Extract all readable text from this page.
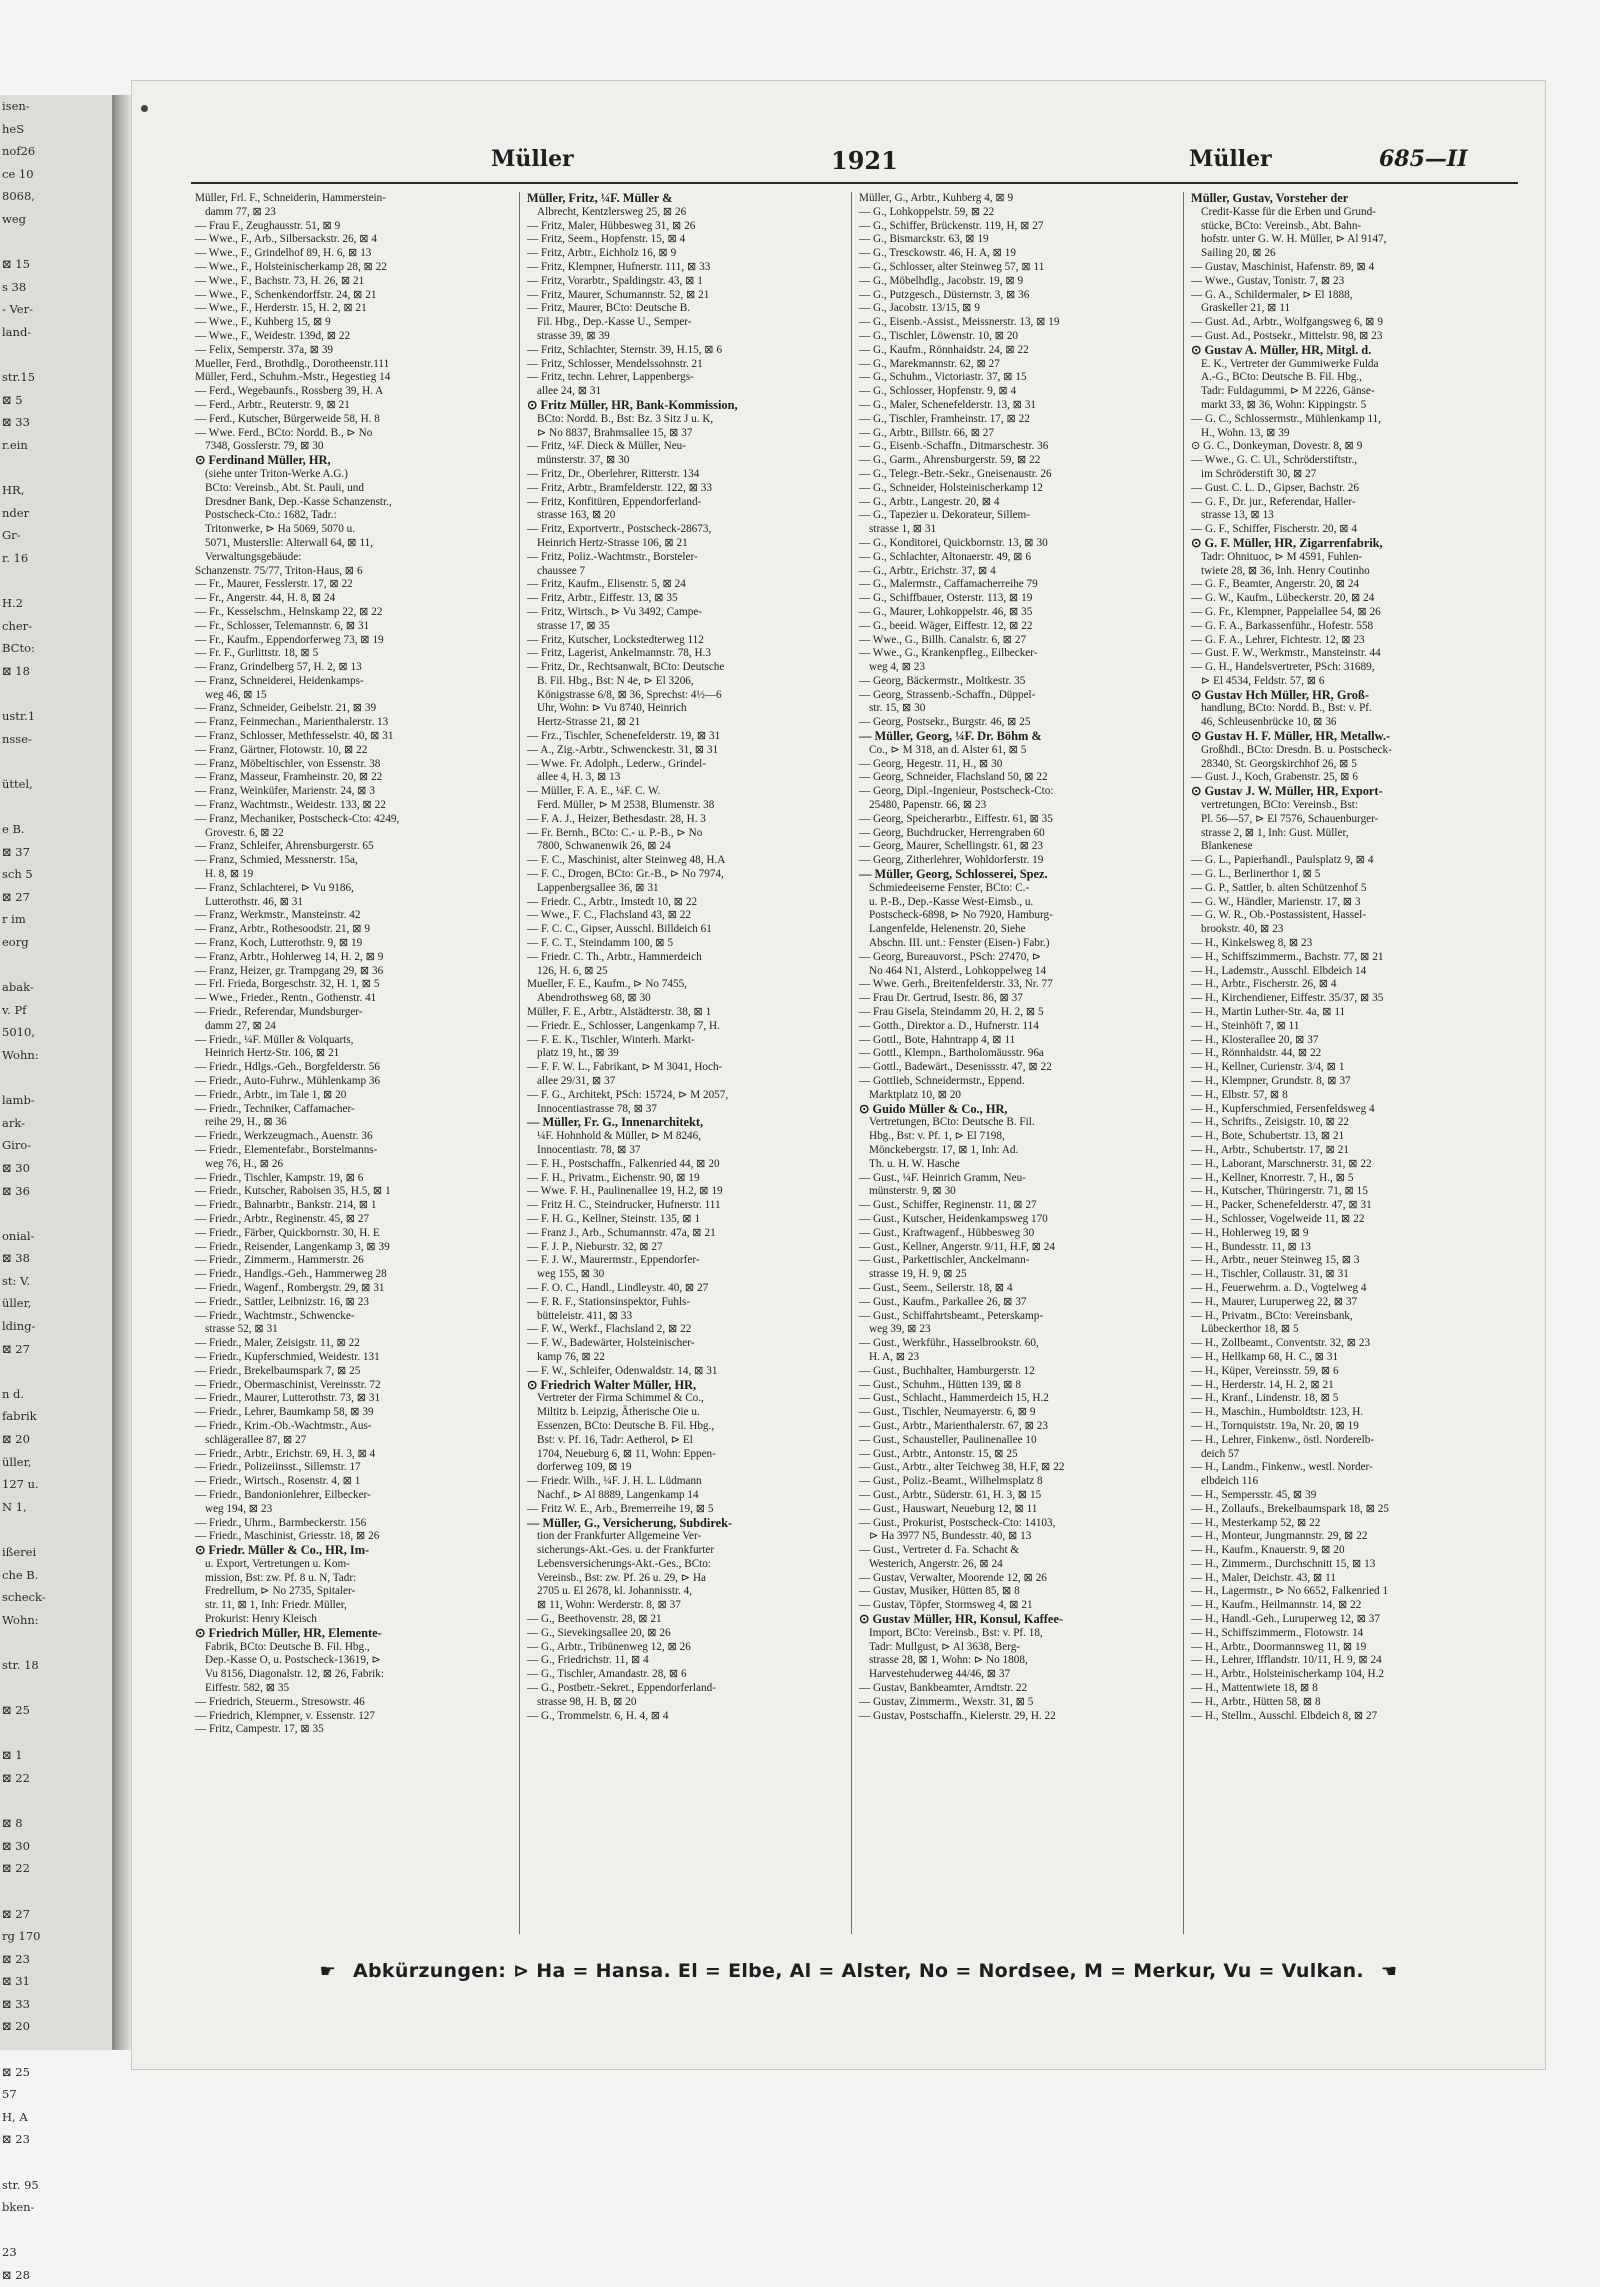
isen-
heS
nof26
ce 10
8068,
weg

⊠ 15
s 38
- Ver-
land-

str.15
⊠ 5
⊠ 33
r.ein

HR,
nder
Gr-
r. 16

H.2
cher-
BCto:
⊠ 18

ustr.1
nsse-

üttel,

e B.
⊠ 37
sch 5
⊠ 27
r im
eorg

abak-
v. Pf
5010,
Wohn:

lamb-
ark-
Giro-
⊠ 30
⊠ 36

onial-
⊠ 38
st: V.
üller,
lding-
⊠ 27

n d.
fabrik
⊠ 20
üller,
127 u.
N 1,

ißerei
che B.
scheck-
Wohn:

str. 18

⊠ 25

⊠ 1
⊠ 22

⊠ 8
⊠ 30
⊠ 22

⊠ 27
rg 170
⊠ 23
⊠ 31
⊠ 33
⊠ 20

⊠ 25
57
H, A
⊠ 23

str. 95
bken-

23
⊠ 28
Müller	1921	Müller	685—II
Müller, Frl. F., Schneiderin, Hammerstein-
damm 77, ⊠ 23
— Frau F., Zeughausstr. 51, ⊠ 9
— Wwe., F., Arb., Silbersackstr. 26, ⊠ 4
— Wwe., F., Grindelhof 89, H. 6, ⊠ 13
— Wwe., F., Holsteinischerkamp 28, ⊠ 22
— Wwe., F., Bachstr. 73, H. 26, ⊠ 21
— Wwe., F., Schenkendorffstr. 24, ⊠ 21
— Wwe., F., Herderstr. 15, H. 2, ⊠ 21
— Wwe., F., Kuhberg 15, ⊠ 9
— Wwe., F., Weidestr. 139d, ⊠ 22
— Felix, Semperstr. 37a, ⊠ 39
Mueller, Ferd., Brothdlg., Dorotheenstr.111
Müller, Ferd., Schuhm.-Mstr., Hegestieg 14
— Ferd., Wegebaunfs., Rossberg 39, H. A
— Ferd., Arbtr., Reuterstr. 9, ⊠ 21
— Ferd., Kutscher, Bürgerweide 58, H. 8
— Wwe. Ferd., BCto: Nordd. B., ⊳ No
7348, Gosslerstr. 79, ⊠ 30
⊙ Ferdinand Müller, HR,
(siehe unter Triton-Werke A.G.)
BCto: Vereinsb., Abt. St. Pauli, und
Dresdner Bank, Dep.-Kasse Schanzenstr.,
Postscheck-Cto.: 1682, Tadr.:
Tritonwerke, ⊳ Ha 5069, 5070 u.
5071, Musterslle: Alterwall 64, ⊠ 11,
Verwaltungsgebäude:
Schanzenstr. 75/77, Triton-Haus, ⊠ 6
— Fr., Maurer, Fesslerstr. 17, ⊠ 22
— Fr., Angerstr. 44, H. 8, ⊠ 24
— Fr., Kesselschm., Helnskamp 22, ⊠ 22
— Fr., Schlosser, Telemannstr. 6, ⊠ 31
— Fr., Kaufm., Eppendorferweg 73, ⊠ 19
— Fr. F., Gurlittstr. 18, ⊠ 5
— Franz, Grindelberg 57, H. 2, ⊠ 13
— Franz, Schneiderei, Heidenkamps-
weg 46, ⊠ 15
— Franz, Schneider, Geibelstr. 21, ⊠ 39
— Franz, Feinmechan., Marienthalerstr. 13
— Franz, Schlosser, Methfesselstr. 40, ⊠ 31
— Franz, Gärtner, Flotowstr. 10, ⊠ 22
— Franz, Möbeltischler, von Essenstr. 38
— Franz, Masseur, Framheinstr. 20, ⊠ 22
— Franz, Weinküfer, Marienstr. 24, ⊠ 3
— Franz, Wachtmstr., Weidestr. 133, ⊠ 22
— Franz, Mechaniker, Postscheck-Cto: 4249,
Grovestr. 6, ⊠ 22
— Franz, Schleifer, Ahrensburgerstr. 65
— Franz, Schmied, Messnerstr. 15a,
H. 8, ⊠ 19
— Franz, Schlachterei, ⊳ Vu 9186,
Lutterothstr. 46, ⊠ 31
— Franz, Werkmstr., Mansteinstr. 42
— Franz, Arbtr., Rothesoodstr. 21, ⊠ 9
— Franz, Koch, Lutterothstr. 9, ⊠ 19
— Franz, Arbtr., Hohlerweg 14, H. 2, ⊠ 9
— Franz, Heizer, gr. Trampgang 29, ⊠ 36
— Frl. Frieda, Borgeschstr. 32, H. 1, ⊠ 5
— Wwe., Frieder., Rentn., Gothenstr. 41
— Friedr., Referendar, Mundsburger-
damm 27, ⊠ 24
— Friedr., ¼F. Müller & Volquarts,
Heinrich Hertz-Str. 106, ⊠ 21
— Friedr., Hdlgs.-Geh., Borgfelderstr. 56
— Friedr., Auto-Fuhrw., Mühlenkamp 36
— Friedr., Arbtr., im Tale 1, ⊠ 20
— Friedr., Techniker, Caffamacher-
reihe 29, H., ⊠ 36
— Friedr., Werkzeugmach., Auenstr. 36
— Friedr., Elementefabr., Borstelmanns-
weg 76, H., ⊠ 26
— Friedr., Tischler, Kampstr. 19, ⊠ 6
— Friedr., Kutscher, Raboisen 35, H.5, ⊠ 1
— Friedr., Bahnarbtr., Bankstr. 214, ⊠ 1
— Friedr., Arbtr., Reginenstr. 45, ⊠ 27
— Friedr., Färber, Quickbornstr. 30, H. E
— Friedr., Reisender, Langenkamp 3, ⊠ 39
— Friedr., Zimmerm., Hammerstr. 26
— Friedr., Handlgs.-Geh., Hammerweg 28
— Friedr., Wagenf., Rombergstr. 29, ⊠ 31
— Friedr., Sattler, Leibnizstr. 16, ⊠ 23
— Friedr., Wachtmstr., Schwencke-
strasse 52, ⊠ 31
— Friedr., Maler, Zeisigstr. 11, ⊠ 22
— Friedr., Kupferschmied, Weidestr. 131
— Friedr., Brekelbaumspark 7, ⊠ 25
— Friedr., Obermaschinist, Vereinsstr. 72
— Friedr., Maurer, Lutterothstr. 73, ⊠ 31
— Friedr., Lehrer, Baumkamp 58, ⊠ 39
— Friedr., Krim.-Ob.-Wachtmstr., Aus-
schlägerallee 87, ⊠ 27
— Friedr., Arbtr., Erichstr. 69, H. 3, ⊠ 4
— Friedr., Polizeiinsst., Sillemstr. 17
— Friedr., Wirtsch., Rosenstr. 4, ⊠ 1
— Friedr., Bandonionlehrer, Eilbecker-
weg 194, ⊠ 23
— Friedr., Uhrm., Barmbeckerstr. 156
— Friedr., Maschinist, Griesstr. 18, ⊠ 26
⊙ Friedr. Müller & Co., HR, Im-
u. Export, Vertretungen u. Kom-
mission, Bst: zw. Pf. 8 u. N, Tadr:
Fredrellum, ⊳ No 2735, Spitaler-
str. 11, ⊠ 1, Inh: Friedr. Müller,
Prokurist: Henry Kleisch
⊙ Friedrich Müller, HR, Elemente-
Fabrik, BCto: Deutsche B. Fil. Hbg.,
Dep.-Kasse O, u. Postscheck-13619, ⊳
Vu 8156, Diagonalstr. 12, ⊠ 26, Fabrik:
Eiffestr. 582, ⊠ 35
— Friedrich, Steuerm., Stresowstr. 46
— Friedrich, Klempner, v. Essenstr. 127
— Fritz, Campestr. 17, ⊠ 35
Müller, Fritz, ¼F. Müller &
Albrecht, Kentzlersweg 25, ⊠ 26
— Fritz, Maler, Hübbesweg 31, ⊠ 26
— Fritz, Seem., Hopfenstr. 15, ⊠ 4
— Fritz, Arbtr., Eichholz 16, ⊠ 9
— Fritz, Klempner, Hufnerstr. 111, ⊠ 33
— Fritz, Vorarbtr., Spaldingstr. 43, ⊠ 1
— Fritz, Maurer, Schumannstr. 52, ⊠ 21
— Fritz, Maurer, BCto: Deutsche B.
Fil. Hbg., Dep.-Kasse U., Semper-
strasse 39, ⊠ 39
— Fritz, Schlachter, Sternstr. 39, H.15, ⊠ 6
— Fritz, Schlosser, Mendelssohnstr. 21
— Fritz, techn. Lehrer, Lappenbergs-
allee 24, ⊠ 31
⊙ Fritz Müller, HR, Bank-Kommission,
BCto: Nordd. B., Bst: Bz. 3 Sitz J u. K,
⊳ No 8837, Brahmsallee 15, ⊠ 37
— Fritz, ¼F. Dieck & Müller, Neu-
münsterstr. 37, ⊠ 30
— Fritz, Dr., Oberlehrer, Ritterstr. 134
— Fritz, Arbtr., Bramfelderstr. 122, ⊠ 33
— Fritz, Konfitüren, Eppendorferland-
strasse 163, ⊠ 20
— Fritz, Exportvertr., Postscheck-28673,
Heinrich Hertz-Strasse 106, ⊠ 21
— Fritz, Poliz.-Wachtmstr., Borsteler-
chaussee 7
— Fritz, Kaufm., Elisenstr. 5, ⊠ 24
— Fritz, Arbtr., Eiffestr. 13, ⊠ 35
— Fritz, Wirtsch., ⊳ Vu 3492, Campe-
strasse 17, ⊠ 35
— Fritz, Kutscher, Lockstedterweg 112
— Fritz, Lagerist, Ankelmannstr. 78, H.3
— Fritz, Dr., Rechtsanwalt, BCto: Deutsche
B. Fil. Hbg., Bst: N 4e, ⊳ El 3206,
Königstrasse 6/8, ⊠ 36, Sprechst: 4½—6
Uhr, Wohn: ⊳ Vu 8740, Heinrich
Hertz-Strasse 21, ⊠ 21
— Frz., Tischler, Schenefelderstr. 19, ⊠ 31
— A., Zig.-Arbtr., Schwenckestr. 31, ⊠ 31
— Wwe. Fr. Adolph., Lederw., Grindel-
allee 4, H. 3, ⊠ 13
— Müller, F. A. E., ¼F. C. W.
Ferd. Müller, ⊳ M 2538, Blumenstr. 38
— F. A. J., Heizer, Bethesdastr. 28, H. 3
— Fr. Bernh., BCto: C.- u. P.-B., ⊳ No
7800, Schwanenwik 26, ⊠ 24
— F. C., Maschinist, alter Steinweg 48, H.A
— F. C., Drogen, BCto: Gr.-B., ⊳ No 7974,
Lappenbergsallee 36, ⊠ 31
— Friedr. C., Arbtr., Imstedt 10, ⊠ 22
— Wwe., F. C., Flachsland 43, ⊠ 22
— F. C. C., Gipser, Ausschl. Billdeich 61
— F. C. T., Steindamm 100, ⊠ 5
— Friedr. C. Th., Arbtr., Hammerdeich
126, H. 6, ⊠ 25
Mueller, F. E., Kaufm., ⊳ No 7455,
Abendrothsweg 68, ⊠ 30
Müller, F. E., Arbtr., Alstädterstr. 38, ⊠ 1
— Friedr. E., Schlosser, Langenkamp 7, H.
— F. E. K., Tischler, Winterh. Markt-
platz 19, ht., ⊠ 39
— F. F. W. L., Fabrikant, ⊳ M 3041, Hoch-
allee 29/31, ⊠ 37
— F. G., Architekt, PSch: 15724, ⊳ M 2057,
Innocentiastrasse 78, ⊠ 37
— Müller, Fr. G., Innenarchitekt,
¼F. Hohnhold & Müller, ⊳ M 8246,
Innocentiastr. 78, ⊠ 37
— F. H., Postschaffn., Falkenried 44, ⊠ 20
— F. H., Privatm., Eichenstr. 90, ⊠ 19
— Wwe. F. H., Paulinenallee 19, H.2, ⊠ 19
— Fritz H. C., Steindrucker, Hufnerstr. 111
— F. H. G., Kellner, Steinstr. 135, ⊠ 1
— Franz J., Arb., Schumannstr. 47a, ⊠ 21
— F. J. P., Nieburstr. 32, ⊠ 27
— F. J. W., Maurermstr., Eppendorfer-
weg 155, ⊠ 30
— F. O. C., Handl., Lindleystr. 40, ⊠ 27
— F. R. F., Stationsinspektor, Fuhls-
bütteleistr. 411, ⊠ 33
— F. W., Werkf., Flachsland 2, ⊠ 22
— F. W., Badewärter, Holsteinischer-
kamp 76, ⊠ 22
— F. W., Schleifer, Odenwaldstr. 14, ⊠ 31
⊙ Friedrich Walter Müller, HR,
Vertreter der Firma Schimmel & Co.,
Miltitz b. Leipzig, Ätherische Oie u.
Essenzen, BCto: Deutsche B. Fil. Hbg.,
Bst: v. Pf. 16, Tadr: Aetherol, ⊳ El
1704, Neueburg 6, ⊠ 11, Wohn: Eppen-
dorferweg 109, ⊠ 19
— Friedr. Wilh., ¼F. J. H. L. Lüdmann
Nachf., ⊳ Al 8889, Langenkamp 14
— Fritz W. E., Arb., Bremerreihe 19, ⊠ 5
— Müller, G., Versicherung, Subdirek-
tion der Frankfurter Allgemeine Ver-
sicherungs-Akt.-Ges. u. der Frankfurter
Lebensversicherungs-Akt.-Ges., BCto:
Vereinsb., Bst: zw. Pf. 26 u. 29, ⊳ Ha
2705 u. El 2678, kl. Johannisstr. 4,
⊠ 11, Wohn: Werderstr. 8, ⊠ 37
— G., Beethovenstr. 28, ⊠ 21
— G., Sievekingsallee 20, ⊠ 26
— G., Arbtr., Tribünenweg 12, ⊠ 26
— G., Friedrichstr. 11, ⊠ 4
— G., Tischler, Amandastr. 28, ⊠ 6
— G., Postbetr.-Sekret., Eppendorferland-
strasse 98, H. B, ⊠ 20
— G., Trommelstr. 6, H. 4, ⊠ 4
Müller, G., Arbtr., Kuhberg 4, ⊠ 9
— G., Lohkoppelstr. 59, ⊠ 22
— G., Schiffer, Brückenstr. 119, H, ⊠ 27
— G., Bismarckstr. 63, ⊠ 19
— G., Tresckowstr. 46, H. A, ⊠ 19
— G., Schlosser, alter Steinweg 57, ⊠ 11
— G., Möbelhdlg., Jacobstr. 19, ⊠ 9
— G., Putzgesch., Düsternstr. 3, ⊠ 36
— G., Jacobstr. 13/15, ⊠ 9
— G., Eisenb.-Assist., Meissnerstr. 13, ⊠ 19
— G., Tischler, Löwenstr. 10, ⊠ 20
— G., Kaufm., Rönnhaidstr. 24, ⊠ 22
— G., Marekmannstr. 62, ⊠ 27
— G., Schuhm., Victoriastr. 37, ⊠ 15
— G., Schlosser, Hopfenstr. 9, ⊠ 4
— G., Maler, Schenefelderstr. 13, ⊠ 31
— G., Tischler, Framheinstr. 17, ⊠ 22
— G., Arbtr., Billstr. 66, ⊠ 27
— G., Eisenb.-Schaffn., Ditmarschestr. 36
— G., Garm., Ahrensburgerstr. 59, ⊠ 22
— G., Telegr.-Betr.-Sekr., Gneisenaustr. 26
— G., Schneider, Holsteinischerkamp 12
— G., Arbtr., Langestr. 20, ⊠ 4
— G., Tapezier u. Dekorateur, Sillem-
strasse 1, ⊠ 31
— G., Konditorei, Quickbornstr. 13, ⊠ 30
— G., Schlachter, Altonaerstr. 49, ⊠ 6
— G., Arbtr., Erichstr. 37, ⊠ 4
— G., Malermstr., Caffamacherreihe 79
— G., Schiffbauer, Osterstr. 113, ⊠ 19
— G., Maurer, Lohkoppelstr. 46, ⊠ 35
— G., beeid. Wäger, Eiffestr. 12, ⊠ 22
— Wwe., G., Billh. Canalstr. 6, ⊠ 27
— Wwe., G., Krankenpfleg., Eilbecker-
weg 4, ⊠ 23
— Georg, Bäckermstr., Moltkestr. 35
— Georg, Strassenb.-Schaffn., Düppel-
str. 15, ⊠ 30
— Georg, Postsekr., Burgstr. 46, ⊠ 25
— Müller, Georg, ¼F. Dr. Böhm &
Co., ⊳ M 318, an d. Alster 61, ⊠ 5
— Georg, Hegestr. 11, H., ⊠ 30
— Georg, Schneider, Flachsland 50, ⊠ 22
— Georg, Dipl.-Ingenieur, Postscheck-Cto:
25480, Papenstr. 66, ⊠ 23
— Georg, Speicherarbtr., Eiffestr. 61, ⊠ 35
— Georg, Buchdrucker, Herrengraben 60
— Georg, Maurer, Schellingstr. 61, ⊠ 23
— Georg, Zitherlehrer, Wohldorferstr. 19
— Müller, Georg, Schlosserei, Spez.
Schmiedeeiserne Fenster, BCto: C.-
u. P.-B., Dep.-Kasse West-Eimsb., u.
Postscheck-6898, ⊳ No 7920, Hamburg-
Langenfelde, Helenenstr. 20, Siehe
Abschn. III. unt.: Fenster (Eisen-) Fabr.)
— Georg, Bureauvorst., PSch: 27470, ⊳
No 464 N1, Alsterd., Lohkoppelweg 14
— Wwe. Gerh., Breitenfelderstr. 33, Nr. 77
— Frau Dr. Gertrud, Isestr. 86, ⊠ 37
— Frau Gisela, Steindamm 20, H. 2, ⊠ 5
— Gotth., Direktor a. D., Hufnerstr. 114
— Gottl., Bote, Hahntrapp 4, ⊠ 11
— Gottl., Klempn., Bartholomäusstr. 96a
— Gottl., Badewärt., Desenissstr. 47, ⊠ 22
— Gottlieb, Schneidermstr., Eppend.
Marktplatz 10, ⊠ 20
⊙ Guido Müller & Co., HR,
Vertretungen, BCto: Deutsche B. Fil.
Hbg., Bst: v. Pf. 1, ⊳ El 7198,
Mönckebergstr. 17, ⊠ 1, Inh: Ad.
Th. u. H. W. Hasche
— Gust., ¼F. Heinrich Gramm, Neu-
münsterstr. 9, ⊠ 30
— Gust., Schiffer, Reginenstr. 11, ⊠ 27
— Gust., Kutscher, Heidenkampsweg 170
— Gust., Kraftwagenf., Hübbesweg 30
— Gust., Kellner, Angerstr. 9/11, H.F, ⊠ 24
— Gust., Parkettischler, Anckelmann-
strasse 19, H. 9, ⊠ 25
— Gust., Seem., Seilerstr. 18, ⊠ 4
— Gust., Kaufm., Parkallee 26, ⊠ 37
— Gust., Schiffahrtsbeamt., Peterskamp-
weg 39, ⊠ 23
— Gust., Werkführ., Hasselbrookstr. 60,
H. A, ⊠ 23
— Gust., Buchhalter, Hamburgerstr. 12
— Gust., Schuhm., Hütten 139, ⊠ 8
— Gust., Schlacht., Hammerdeich 15, H.2
— Gust., Tischler, Neumayerstr. 6, ⊠ 9
— Gust., Arbtr., Marienthalerstr. 67, ⊠ 23
— Gust., Schausteller, Paulinenallee 10
— Gust., Arbtr., Antonstr. 15, ⊠ 25
— Gust., Arbtr., alter Teichweg 38, H.F, ⊠ 22
— Gust., Poliz.-Beamt., Wilhelmsplatz 8
— Gust., Arbtr., Süderstr. 61, H. 3, ⊠ 15
— Gust., Hauswart, Neueburg 12, ⊠ 11
— Gust., Prokurist, Postscheck-Cto: 14103,
⊳ Ha 3977 N5, Bundesstr. 40, ⊠ 13
— Gust., Vertreter d. Fa. Schacht &
Westerich, Angerstr. 26, ⊠ 24
— Gustav, Verwalter, Moorende 12, ⊠ 26
— Gustav, Musiker, Hütten 85, ⊠ 8
— Gustav, Töpfer, Stormsweg 4, ⊠ 21
⊙ Gustav Müller, HR, Konsul, Kaffee-
Import, BCto: Vereinsb., Bst: v. Pf. 18,
Tadr: Mullgust, ⊳ Al 3638, Berg-
strasse 28, ⊠ 1, Wohn: ⊳ No 1808,
Harvestehuderweg 44/46, ⊠ 37
— Gustav, Bankbeamter, Arndtstr. 22
— Gustav, Zimmerm., Wexstr. 31, ⊠ 5
— Gustav, Postschaffn., Kielerstr. 29, H. 22
Müller, Gustav, Vorsteher der
Credit-Kasse für die Erben und Grund-
stücke, BCto: Vereinsb., Abt. Bahn-
hofstr. unter G. W. H. Müller, ⊳ Al 9147,
Sailing 20, ⊠ 26
— Gustav, Maschinist, Hafenstr. 89, ⊠ 4
— Wwe., Gustav, Tonistr. 7, ⊠ 23
— G. A., Schildermaler, ⊳ El 1888,
Graskeller 21, ⊠ 11
— Gust. Ad., Arbtr., Wolfgangsweg 6, ⊠ 9
— Gust. Ad., Postsekr., Mittelstr. 98, ⊠ 23
⊙ Gustav A. Müller, HR, Mitgl. d.
E. K., Vertreter der Gummiwerke Fulda
A.-G., BCto: Deutsche B. Fil. Hbg.,
Tadr: Fuldagummi, ⊳ M 2226, Gänse-
markt 33, ⊠ 36, Wohn: Kippingstr. 5
— G. C., Schlossermstr., Mühlenkamp 11,
H., Wohn. 13, ⊠ 39
⊙ G. C., Donkeyman, Dovestr. 8, ⊠ 9
— Wwe., G. C. Ul., Schröderstiftstr.,
im Schröderstift 30, ⊠ 27
— Gust. C. L. D., Gipser, Bachstr. 26
— G. F., Dr. jur., Referendar, Haller-
strasse 13, ⊠ 13
— G. F., Schiffer, Fischerstr. 20, ⊠ 4
⊙ G. F. Müller, HR, Zigarrenfabrik,
Tadr: Ohnituoc, ⊳ M 4591, Fuhlen-
twiete 28, ⊠ 36, Inh. Henry Coutinho
— G. F., Beamter, Angerstr. 20, ⊠ 24
— G. W., Kaufm., Lübeckerstr. 20, ⊠ 24
— G. Fr., Klempner, Pappelallee 54, ⊠ 26
— G. F. A., Barkassenführ., Hofestr. 558
— G. F. A., Lehrer, Fichtestr. 12, ⊠ 23
— Gust. F. W., Werkmstr., Mansteinstr. 44
— G. H., Handelsvertreter, PSch: 31689,
⊳ El 4534, Feldstr. 57, ⊠ 6
⊙ Gustav Hch Müller, HR, Groß-
handlung, BCto: Nordd. B., Bst: v. Pf.
46, Schleusenbrücke 10, ⊠ 36
⊙ Gustav H. F. Müller, HR, Metallw.-
Großhdl., BCto: Dresdn. B. u. Postscheck-
28340, St. Georgskirchhof 26, ⊠ 5
— Gust. J., Koch, Grabenstr. 25, ⊠ 6
⊙ Gustav J. W. Müller, HR, Export-
vertretungen, BCto: Vereinsb., Bst:
Pl. 56—57, ⊳ El 7576, Schauenburger-
strasse 2, ⊠ 1, Inh: Gust. Müller,
Blankenese
— G. L., Papierhandl., Paulsplatz 9, ⊠ 4
— G. L., Berlinerthor 1, ⊠ 5
— G. P., Sattler, b. alten Schützenhof 5
— G. W., Händler, Marienstr. 17, ⊠ 3
— G. W. R., Ob.-Postassistent, Hassel-
brookstr. 40, ⊠ 23
— H., Kinkelsweg 8, ⊠ 23
— H., Schiffszimmerm., Bachstr. 77, ⊠ 21
— H., Lademstr., Ausschl. Elbdeich 14
— H., Arbtr., Fischerstr. 26, ⊠ 4
— H., Kirchendiener, Eiffestr. 35/37, ⊠ 35
— H., Martin Luther-Str. 4a, ⊠ 11
— H., Steinhöft 7, ⊠ 11
— H., Klosterallee 20, ⊠ 37
— H., Rönnhaidstr. 44, ⊠ 22
— H., Kellner, Curienstr. 3/4, ⊠ 1
— H., Klempner, Grundstr. 8, ⊠ 37
— H., Elbstr. 57, ⊠ 8
— H., Kupferschmied, Fersenfeldsweg 4
— H., Schrifts., Zeisigstr. 10, ⊠ 22
— H., Bote, Schubertstr. 13, ⊠ 21
— H., Arbtr., Schubertstr. 17, ⊠ 21
— H., Laborant, Marschnerstr. 31, ⊠ 22
— H., Kellner, Knorrestr. 7, H., ⊠ 5
— H., Kutscher, Thüringerstr. 71, ⊠ 15
— H., Packer, Schenefelderstr. 47, ⊠ 31
— H., Schlosser, Vogelweide 11, ⊠ 22
— H., Hohlerweg 19, ⊠ 9
— H., Bundesstr. 11, ⊠ 13
— H., Arbtr., neuer Steinweg 15, ⊠ 3
— H., Tischler, Collaustr. 31, ⊠ 31
— H., Feuerwehrm. a. D., Vogtelweg 4
— H., Maurer, Luruperweg 22, ⊠ 37
— H., Privatm., BCto: Vereinsbank,
Lübeckerthor 18, ⊠ 5
— H., Zollbeamt., Conventstr. 32, ⊠ 23
— H., Hellkamp 68, H. C., ⊠ 31
— H., Küper, Vereinsstr. 59, ⊠ 6
— H., Herderstr. 14, H. 2, ⊠ 21
— H., Kranf., Lindenstr. 18, ⊠ 5
— H., Maschin., Humboldtstr. 123, H.
— H., Tornquiststr. 19a, Nr. 20, ⊠ 19
— H., Lehrer, Finkenw., östl. Norderelb-
deich 57
— H., Landm., Finkenw., westl. Norder-
elbdeich 116
— H., Sempersstr. 45, ⊠ 39
— H., Zollaufs., Brekelbaumspark 18, ⊠ 25
— H., Mesterkamp 52, ⊠ 22
— H., Monteur, Jungmannstr. 29, ⊠ 22
— H., Kaufm., Knauerstr. 9, ⊠ 20
— H., Zimmerm., Durchschnitt 15, ⊠ 13
— H., Maler, Deichstr. 43, ⊠ 11
— H., Lagermstr., ⊳ No 6652, Falkenried 1
— H., Kaufm., Heilmannstr. 14, ⊠ 22
— H., Handl.-Geh., Luruperweg 12, ⊠ 37
— H., Schiffszimmerm., Flotowstr. 14
— H., Arbtr., Doormannsweg 11, ⊠ 19
— H., Lehrer, Ifflandstr. 10/11, H. 9, ⊠ 24
— H., Arbtr., Holsteinischerkamp 104, H.2
— H., Mattentwiete 18, ⊠ 8
— H., Arbtr., Hütten 58, ⊠ 8
— H., Stellm., Ausschl. Elbdeich 8, ⊠ 27
☛ Abkürzungen: ⊳ Ha = Hansa. El = Elbe, Al = Alster, No = Nordsee, M = Merkur, Vu = Vulkan. ☚
